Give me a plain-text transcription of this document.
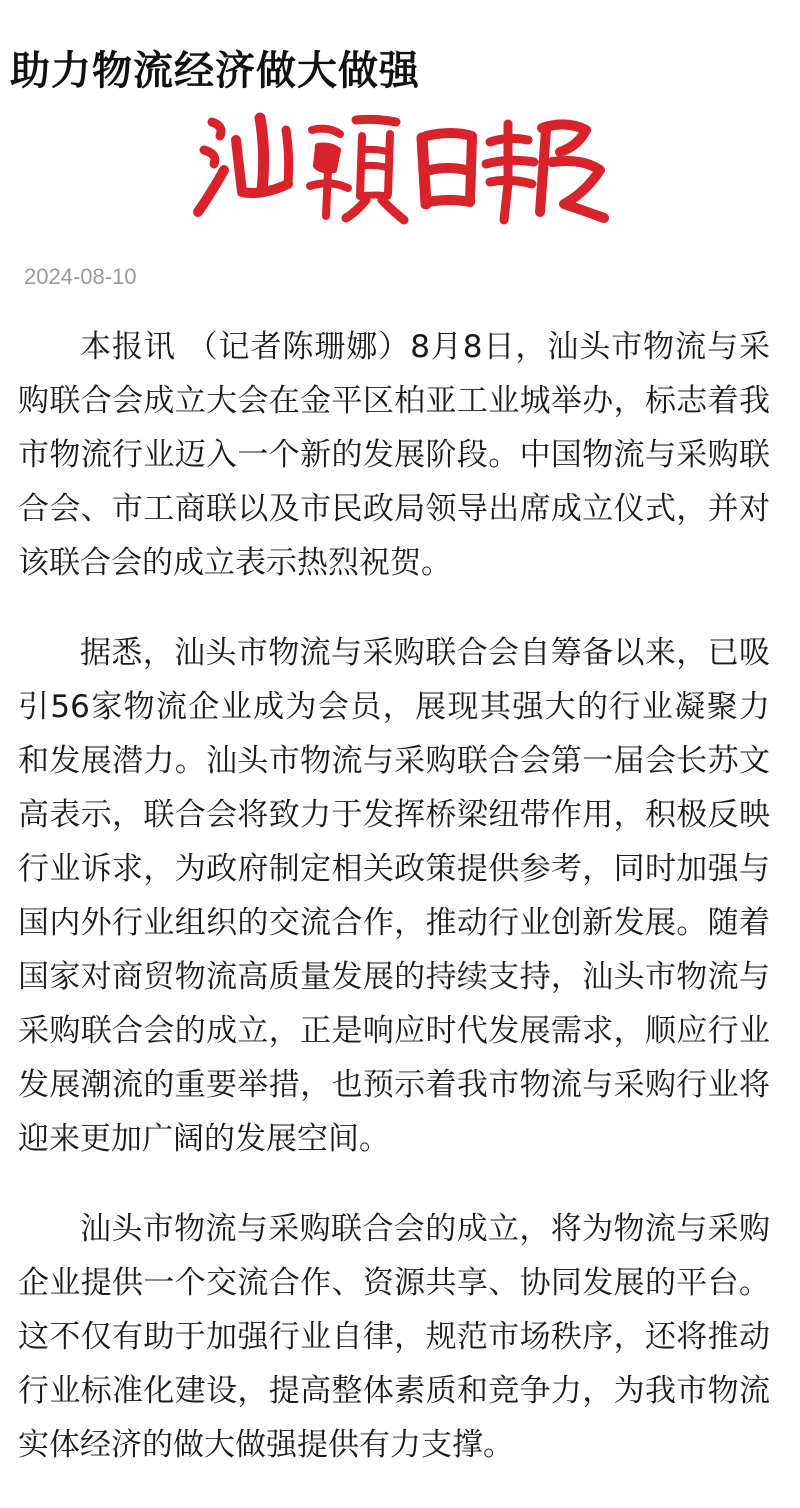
助力物流经济做大做强
2024-08-10

本报讯 （记者陈珊娜）8月8日，汕头市物流与采购联合会成立大会在金平区柏亚工业城举办，标志着我市物流行业迈入一个新的发展阶段。中国物流与采购联合会、市工商联以及市民政局领导出席成立仪式，并对该联合会的成立表示热烈祝贺。

据悉，汕头市物流与采购联合会自筹备以来，已吸引56家物流企业成为会员，展现其强大的行业凝聚力和发展潜力。汕头市物流与采购联合会第一届会长苏文高表示，联合会将致力于发挥桥梁纽带作用，积极反映行业诉求，为政府制定相关政策提供参考，同时加强与国内外行业组织的交流合作，推动行业创新发展。随着国家对商贸物流高质量发展的持续支持，汕头市物流与采购联合会的成立，正是响应时代发展需求，顺应行业发展潮流的重要举措，也预示着我市物流与采购行业将迎来更加广阔的发展空间。

汕头市物流与采购联合会的成立，将为物流与采购企业提供一个交流合作、资源共享、协同发展的平台。这不仅有助于加强行业自律，规范市场秩序，还将推动行业标准化建设，提高整体素质和竞争力，为我市物流实体经济的做大做强提供有力支撑。
